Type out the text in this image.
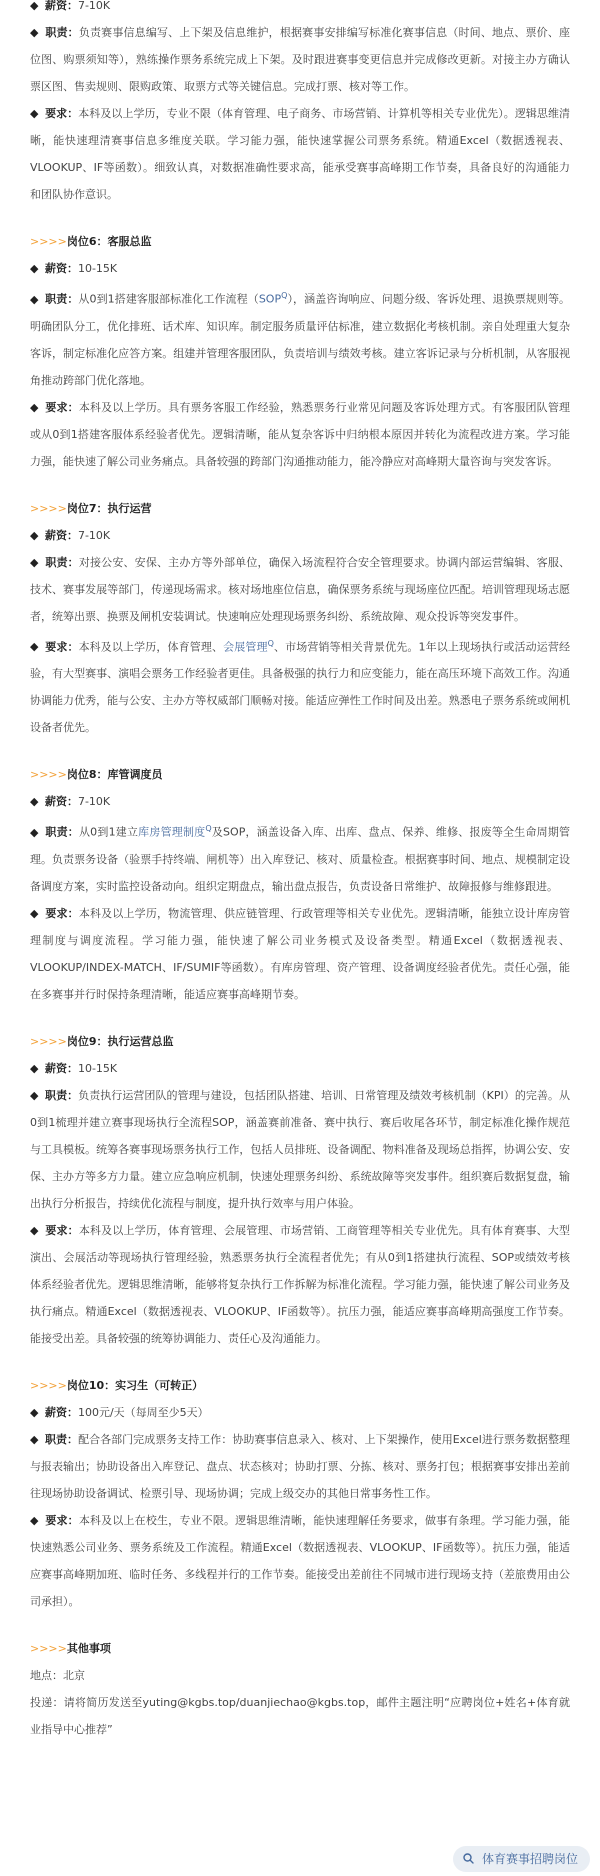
◆ 薪资：7-10K

◆ 职责：负责赛事信息编写、上下架及信息维护，根据赛事安排编写标准化赛事信息（时间、地点、票价、座位图、购票须知等），熟练操作票务系统完成上下架。及时跟进赛事变更信息并完成修改更新。对接主办方确认票区图、售卖规则、限购政策、取票方式等关键信息。完成打票、核对等工作。

◆ 要求：本科及以上学历，专业不限（体育管理、电子商务、市场营销、计算机等相关专业优先）。逻辑思维清晰，能快速理清赛事信息多维度关联。学习能力强，能快速掌握公司票务系统。精通Excel（数据透视表、VLOOKUP、IF等函数）。细致认真，对数据准确性要求高，能承受赛事高峰期工作节奏，具备良好的沟通能力和团队协作意识。

>>>>岗位6：客服总监

◆ 薪资：10-15K

◆ 职责：从0到1搭建客服部标准化工作流程$(SOP^Q)$，涵盖咨询响应、问题分级、客诉处理、退换票规则等。明确团队分工，优化排班、话术库、知识库。制定服务质量评估标准，建立数据化考核机制。亲自处理重大复杂客诉，制定标准化应答方案。组建并管理客服团队，负责培训与绩效考核。建立客诉记录与分析机制，从客服视角推动跨部门优化落地。

◆ 要求：本科及以上学历。具有票务客服工作经验，熟悉票务行业常见问题及客诉处理方式。有客服团队管理或从0到1搭建客服体系经验者优先。逻辑清晰，能从复杂客诉中归纳根本原因并转化为流程改进方案。学习能力强，能快速了解公司业务痛点。具备较强的跨部门沟通推动能力，能冷静应对高峰期大量咨询与突发客诉。

>>>>岗位7：执行运营

◆ 薪资：7-10K

◆ 职责：对接公安、安保、主办方等外部单位，确保入场流程符合安全管理要求。协调内部运营编辑、客服、技术、赛事发展等部门，传递现场需求。核对场地座位信息，确保票务系统与现场座位匹配。培训管理现场志愿者，统筹出票、换票及闸机安装调试。快速响应处理现场票务纠纷、系统故障、观众投诉等突发事件。

◆ 要求：本科及以上学历，体育管理、会展管理$^Q$、市场营销等相关背景优先。1年以上现场执行或活动运营经验，有大型赛事、演唱会票务工作经验者更佳。具备极强的执行力和应变能力，能在高压环境下高效工作。沟通协调能力优秀，能与公安、主办方等权威部门顺畅对接。能适应弹性工作时间及出差。熟悉电子票务系统或闸机设备者优先。

>>>>岗位8：库管调度员

◆ 薪资：7-10K

◆ 职责：从0到1建立库房管理制度$^Q$及SOP，涵盖设备入库、出库、盘点、保养、维修、报废等全生命周期管理。负责票务设备（验票手持终端、闸机等）出入库登记、核对、质量检查。根据赛事时间、地点、规模制定设备调度方案，实时监控设备动向。组织定期盘点，输出盘点报告，负责设备日常维护、故障报修与维修跟进。

◆ 要求：本科及以上学历，物流管理、供应链管理、行政管理等相关专业优先。逻辑清晰，能独立设计库房管理制度与调度流程。学习能力强，能快速了解公司业务模式及设备类型。精通Excel（数据透视表、VLOOKUP/INDEX-MATCH、IF/SUMIF等函数）。有库房管理、资产管理、设备调度经验者优先。责任心强，能在多赛事并行时保持条理清晰，能适应赛事高峰期节奏。

>>>>岗位9：执行运营总监

◆ 薪资：10-15K

◆ 职责：负责执行运营团队的管理与建设，包括团队搭建、培训、日常管理及绩效考核机制（KPI）的完善。从0到1梳理并建立赛事现场执行全流程SOP，涵盖赛前准备、赛中执行、赛后收尾各环节，制定标准化操作规范与工具模板。统筹各赛事现场票务执行工作，包括人员排班、设备调配、物料准备及现场总指挥，协调公安、安保、主办方等多方力量。建立应急响应机制，快速处理票务纠纷、系统故障等突发事件。组织赛后数据复盘，输出执行分析报告，持续优化流程与制度，提升执行效率与用户体验。

◆ 要求：本科及以上学历，体育管理、会展管理、市场营销、工商管理等相关专业优先。具有体育赛事、大型演出、会展活动等现场执行管理经验，熟悉票务执行全流程者优先；有从0到1搭建执行流程、SOP或绩效考核体系经验者优先。逻辑思维清晰，能够将复杂执行工作拆解为标准化流程。学习能力强，能快速了解公司业务及执行痛点。精通Excel（数据透视表、VLOOKUP、IF函数等）。抗压力强，能适应赛事高峰期高强度工作节奏。能接受出差。具备较强的统筹协调能力、责任心及沟通能力。

>>>>岗位10：实习生（可转正）

◆ 薪资：100元/天（每周至少5天）

◆ 职责：配合各部门完成票务支持工作：协助赛事信息录入、核对、上下架操作，使用Excel进行票务数据整理与报表输出；协助设备出入库登记、盘点、状态核对；协助打票、分拣、核对、票务打包；根据赛事安排出差前往现场协助设备调试、检票引导、现场协调；完成上级交办的其他日常事务性工作。

◆ 要求：本科及以上在校生，专业不限。逻辑思维清晰，能快速理解任务要求，做事有条理。学习能力强，能快速熟悉公司业务、票务系统及工作流程。精通Excel（数据透视表、VLOOKUP、IF函数等）。抗压力强，能适应赛事高峰期加班、临时任务、多线程并行的工作节奏。能接受出差前往不同城市进行现场支持（差旅费用由公司承担）。

>>>>其他事项

地点：北京

投递：请将简历发送至yuting@kgbs.top/duanjiechao@kgbs.top，邮件主题注明“应聘岗位+姓名+体育就业指导中心推荐”

体育赛事招聘岗位
